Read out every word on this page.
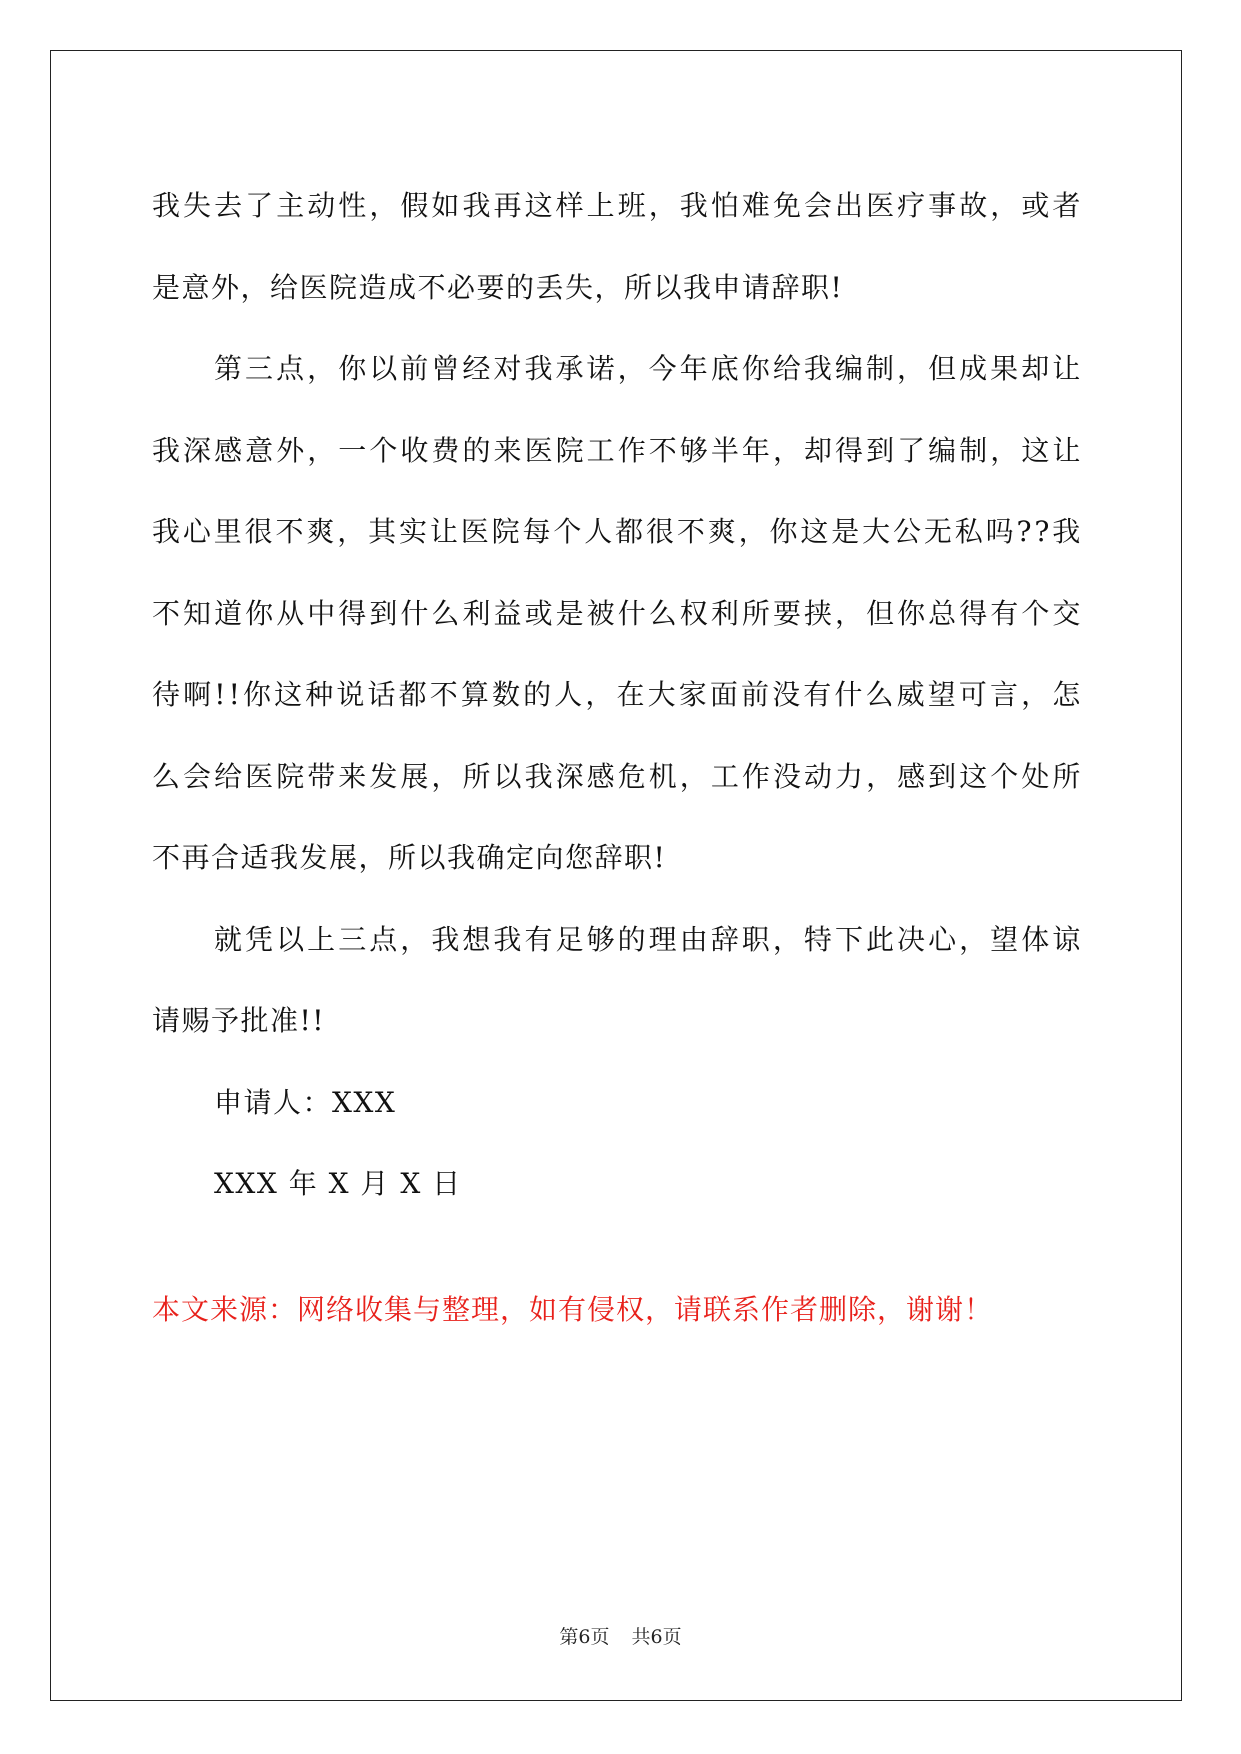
我 失 去 了 主 动 性 ， 假 如 我 再 这 样 上 班 ， 我 怕 难 免 会 出 医 疗 事 故 ， 或 者
是意外，给医院造成不必要的丢失，所以我申请辞职!
第 三 点 ， 你 以 前 曾 经 对 我 承 诺 ， 今 年 底 你 给 我 编 制 ， 但 成 果 却 让
我 深 感 意 外 ， 一 个 收 费 的 来 医 院 工 作 不 够 半 年 ， 却 得 到 了 编 制 ， 这 让
我 心 里 很 不 爽 ， 其 实 让 医 院 每 个 人 都 很 不 爽 ， 你 这 是 大 公 无 私 吗 ? ? 我
不 知 道 你 从 中 得 到 什 么 利 益 或 是 被 什 么 权 利 所 要 挟 ， 但 你 总 得 有 个 交
待 啊 ! ! 你 这 种 说 话 都 不 算 数 的 人 ， 在 大 家 面 前 没 有 什 么 威 望 可 言 ， 怎
么 会 给 医 院 带 来 发 展 ， 所 以 我 深 感 危 机 ， 工 作 没 动 力 ， 感 到 这 个 处 所
不再合适我发展，所以我确定向您辞职!
就 凭 以 上 三 点 ， 我 想 我 有 足 够 的 理 由 辞 职 ， 特 下 此 决 心 ， 望 体 谅
请赐予批准!!
申请人：XXX
XXX 年 X 月 X 日
本文来源：网络收集与整理，如有侵权，请联系作者删除，谢谢！
第6页 共6页
